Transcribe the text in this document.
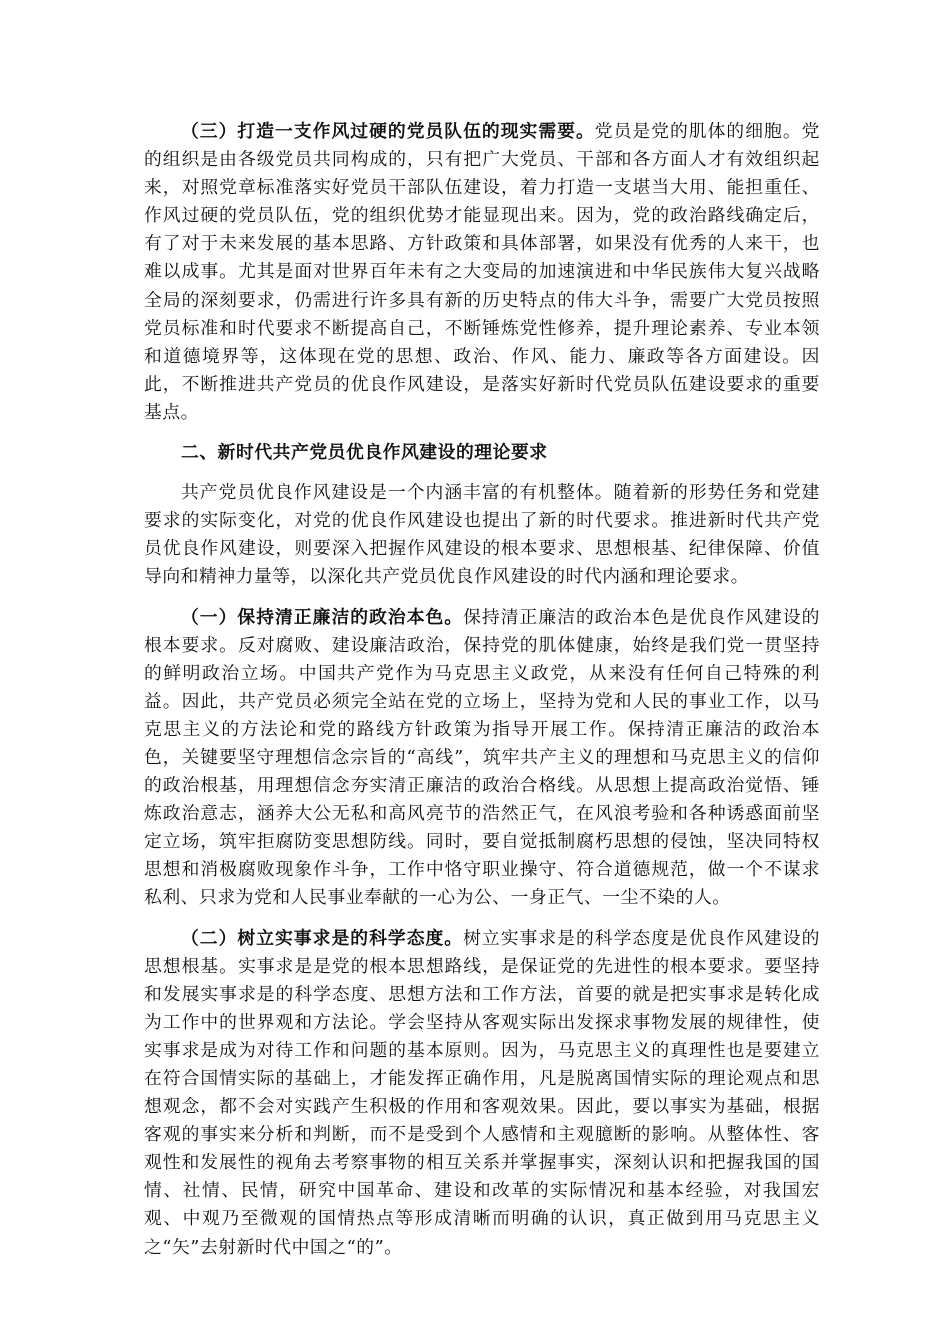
（三）打造一支作风过硬的党员队伍的现实需要。党员是党的肌体的细胞。党的组织是由各级党员共同构成的，只有把广大党员、干部和各方面人才有效组织起来，对照党章标准落实好党员干部队伍建设，着力打造一支堪当大用、能担重任、作风过硬的党员队伍，党的组织优势才能显现出来。因为，党的政治路线确定后，有了对于未来发展的基本思路、方针政策和具体部署，如果没有优秀的人来干，也难以成事。尤其是面对世界百年未有之大变局的加速演进和中华民族伟大复兴战略全局的深刻要求，仍需进行许多具有新的历史特点的伟大斗争，需要广大党员按照党员标准和时代要求不断提高自己，不断锤炼党性修养，提升理论素养、专业本领和道德境界等，这体现在党的思想、政治、作风、能力、廉政等各方面建设。因此，不断推进共产党员的优良作风建设，是落实好新时代党员队伍建设要求的重要基点。

二、新时代共产党员优良作风建设的理论要求

共产党员优良作风建设是一个内涵丰富的有机整体。随着新的形势任务和党建要求的实际变化，对党的优良作风建设也提出了新的时代要求。推进新时代共产党员优良作风建设，则要深入把握作风建设的根本要求、思想根基、纪律保障、价值导向和精神力量等，以深化共产党员优良作风建设的时代内涵和理论要求。

（一）保持清正廉洁的政治本色。保持清正廉洁的政治本色是优良作风建设的根本要求。反对腐败、建设廉洁政治，保持党的肌体健康，始终是我们党一贯坚持的鲜明政治立场。中国共产党作为马克思主义政党，从来没有任何自己特殊的利益。因此，共产党员必须完全站在党的立场上，坚持为党和人民的事业工作，以马克思主义的方法论和党的路线方针政策为指导开展工作。保持清正廉洁的政治本色，关键要坚守理想信念宗旨的“高线”，筑牢共产主义的理想和马克思主义的信仰的政治根基，用理想信念夯实清正廉洁的政治合格线。从思想上提高政治觉悟、锤炼政治意志，涵养大公无私和高风亮节的浩然正气，在风浪考验和各种诱惑面前坚定立场，筑牢拒腐防变思想防线。同时，要自觉抵制腐朽思想的侵蚀，坚决同特权思想和消极腐败现象作斗争，工作中恪守职业操守、符合道德规范，做一个不谋求私利、只求为党和人民事业奉献的一心为公、一身正气、一尘不染的人。

（二）树立实事求是的科学态度。树立实事求是的科学态度是优良作风建设的思想根基。实事求是是党的根本思想路线，是保证党的先进性的根本要求。要坚持和发展实事求是的科学态度、思想方法和工作方法，首要的就是把实事求是转化成为工作中的世界观和方法论。学会坚持从客观实际出发探求事物发展的规律性，使实事求是成为对待工作和问题的基本原则。因为，马克思主义的真理性也是要建立在符合国情实际的基础上，才能发挥正确作用，凡是脱离国情实际的理论观点和思想观念，都不会对实践产生积极的作用和客观效果。因此，要以事实为基础，根据客观的事实来分析和判断，而不是受到个人感情和主观臆断的影响。从整体性、客观性和发展性的视角去考察事物的相互关系并掌握事实，深刻认识和把握我国的国情、社情、民情，研究中国革命、建设和改革的实际情况和基本经验，对我国宏观、中观乃至微观的国情热点等形成清晰而明确的认识，真正做到用马克思主义之“矢”去射新时代中国之“的”。
